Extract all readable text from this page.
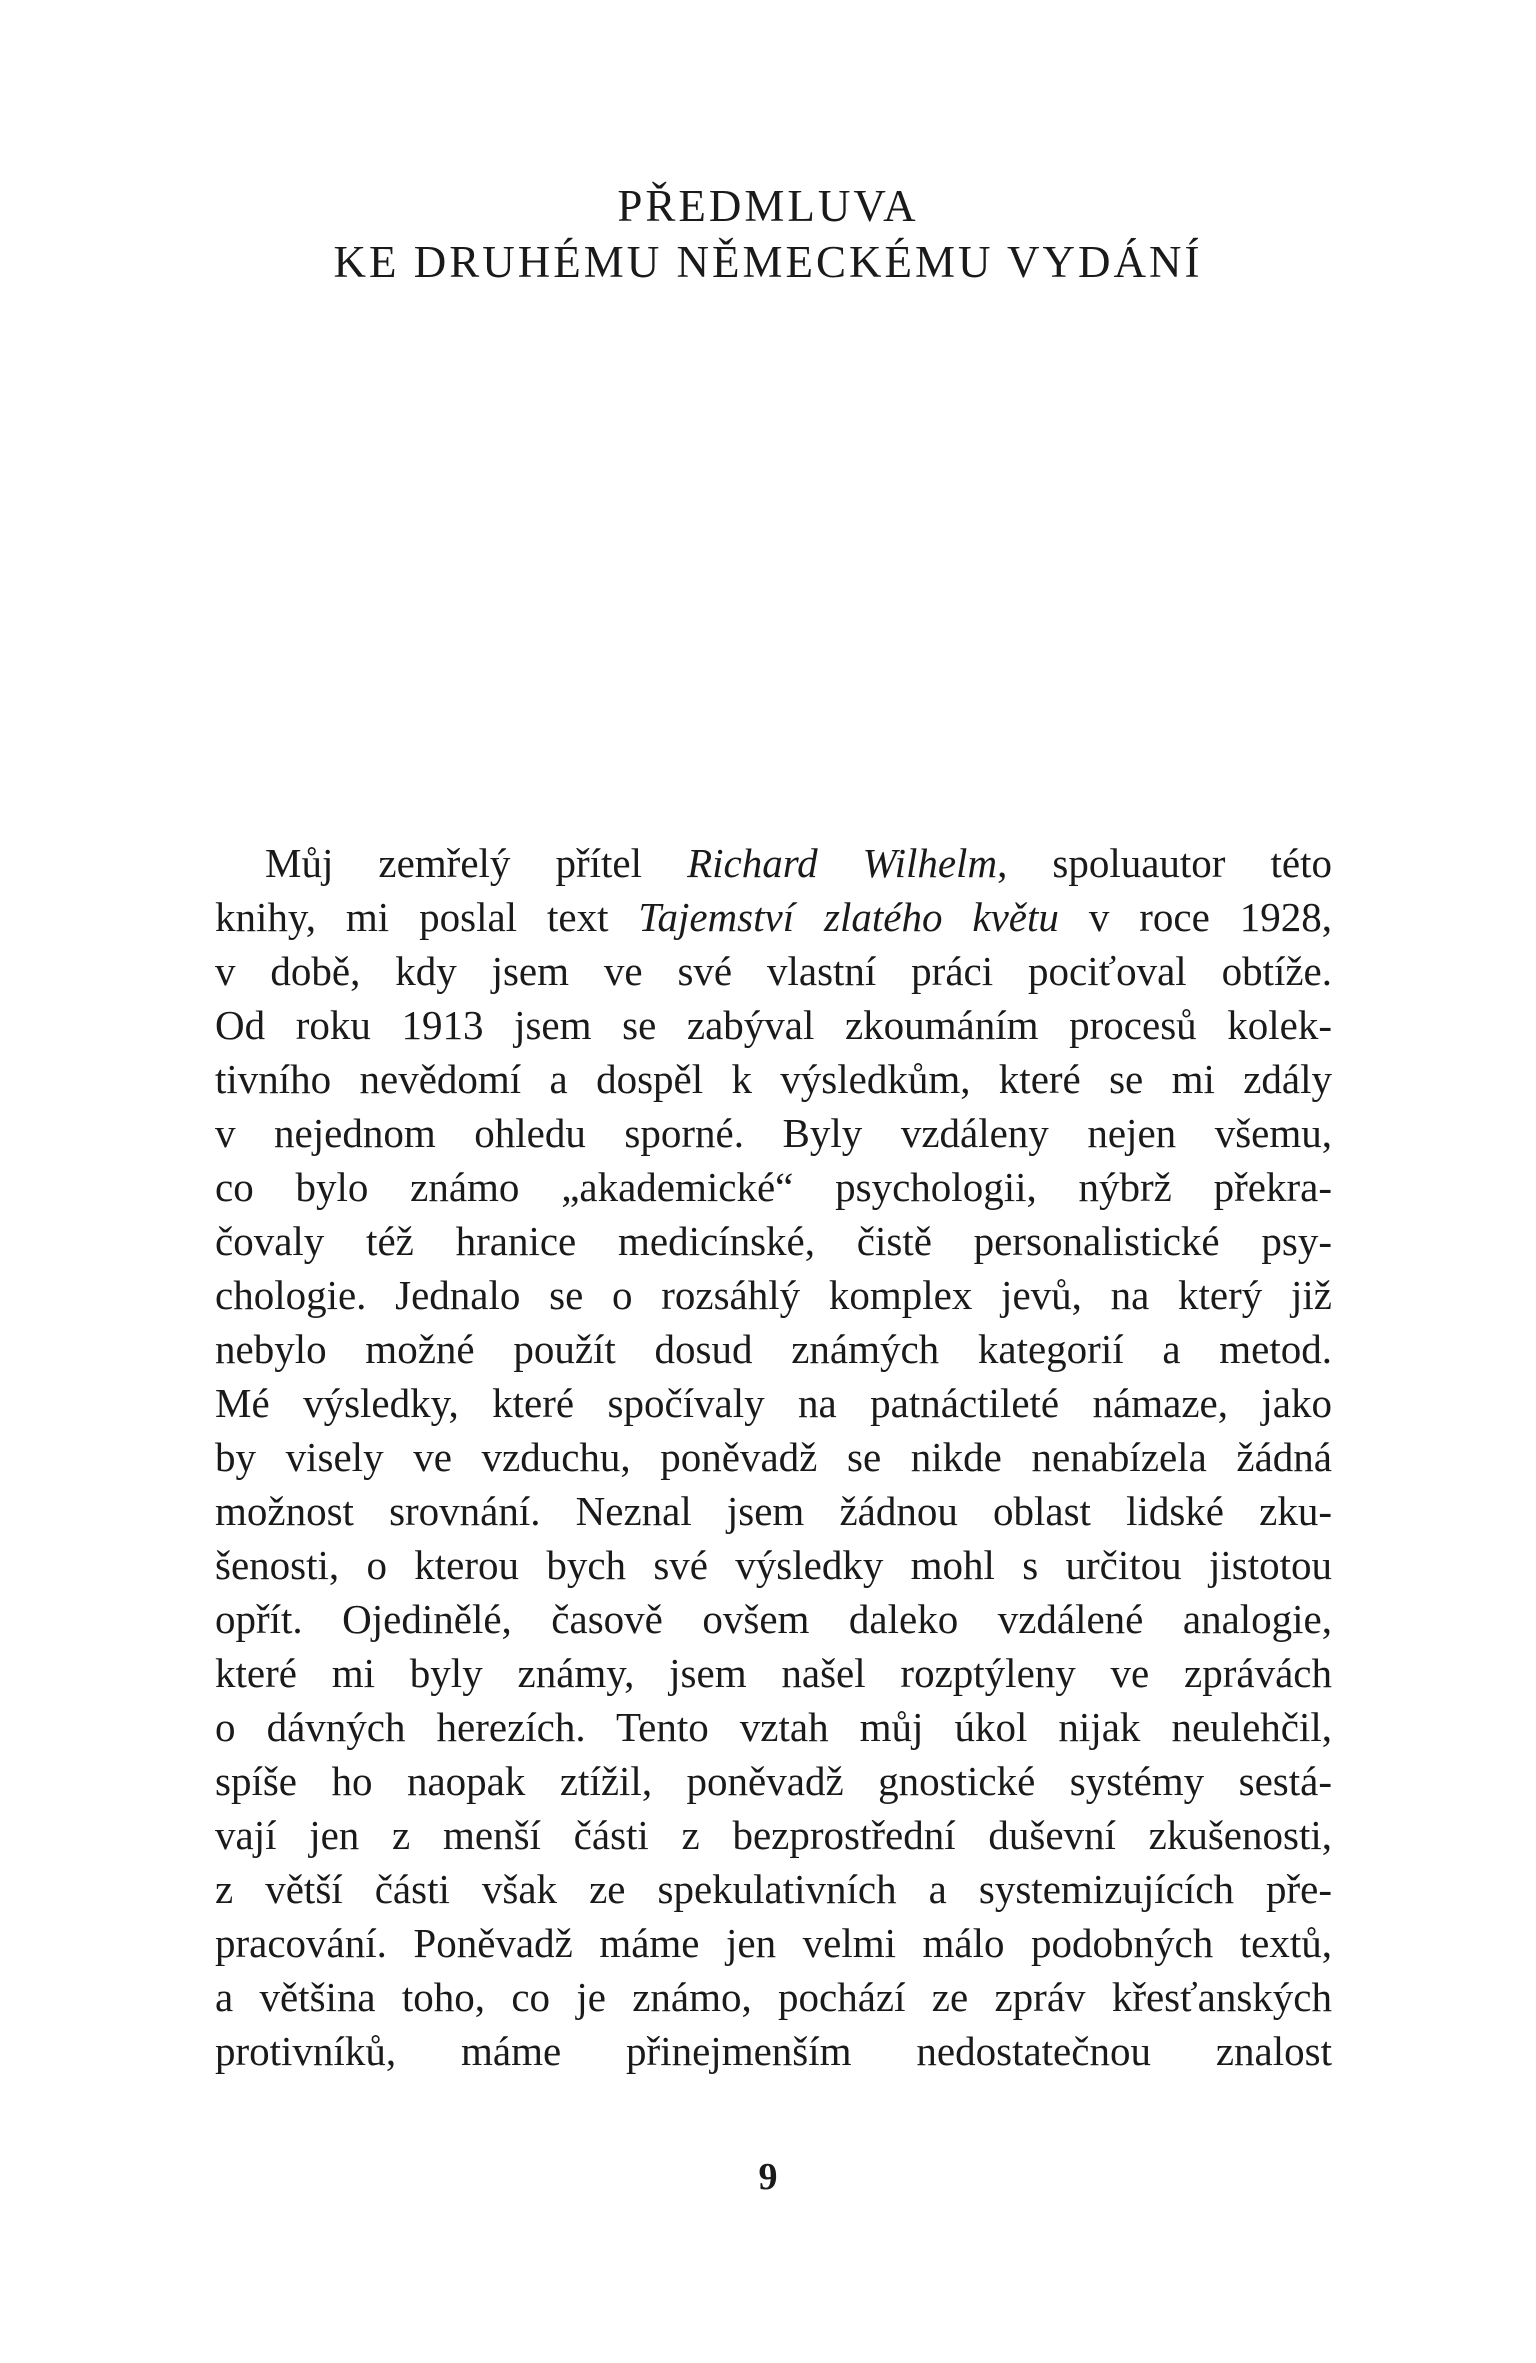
PŘEDMLUVA
KE DRUHÉMU NĚMECKÉMU VYDÁNÍ
Můj zemřelý přítel Richard Wilhelm, spoluautor této
knihy, mi poslal text Tajemství zlatého květu v roce 1928,
v době, kdy jsem ve své vlastní práci pociťoval obtíže.
Od roku 1913 jsem se zabýval zkoumáním procesů kolek-
tivního nevědomí a dospěl k výsledkům, které se mi zdály
v nejednom ohledu sporné. Byly vzdáleny nejen všemu,
co bylo známo „akademické“ psychologii, nýbrž překra-
čovaly též hranice medicínské, čistě personalistické psy-
chologie. Jednalo se o rozsáhlý komplex jevů, na který již
nebylo možné použít dosud známých kategorií a metod.
Mé výsledky, které spočívaly na patnáctileté námaze, jako
by visely ve vzduchu, poněvadž se nikde nenabízela žádná
možnost srovnání. Neznal jsem žádnou oblast lidské zku-
šenosti, o kterou bych své výsledky mohl s určitou jistotou
opřít. Ojedinělé, časově ovšem daleko vzdálené analogie,
které mi byly známy, jsem našel rozptýleny ve zprávách
o dávných herezích. Tento vztah můj úkol nijak neulehčil,
spíše ho naopak ztížil, poněvadž gnostické systémy sestá-
vají jen z menší části z bezprostřední duševní zkušenosti,
z větší části však ze spekulativních a systemizujících pře-
pracování. Poněvadž máme jen velmi málo podobných textů,
a většina toho, co je známo, pochází ze zpráv křesťanských
protivníků, máme přinejmenším nedostatečnou znalost
9
